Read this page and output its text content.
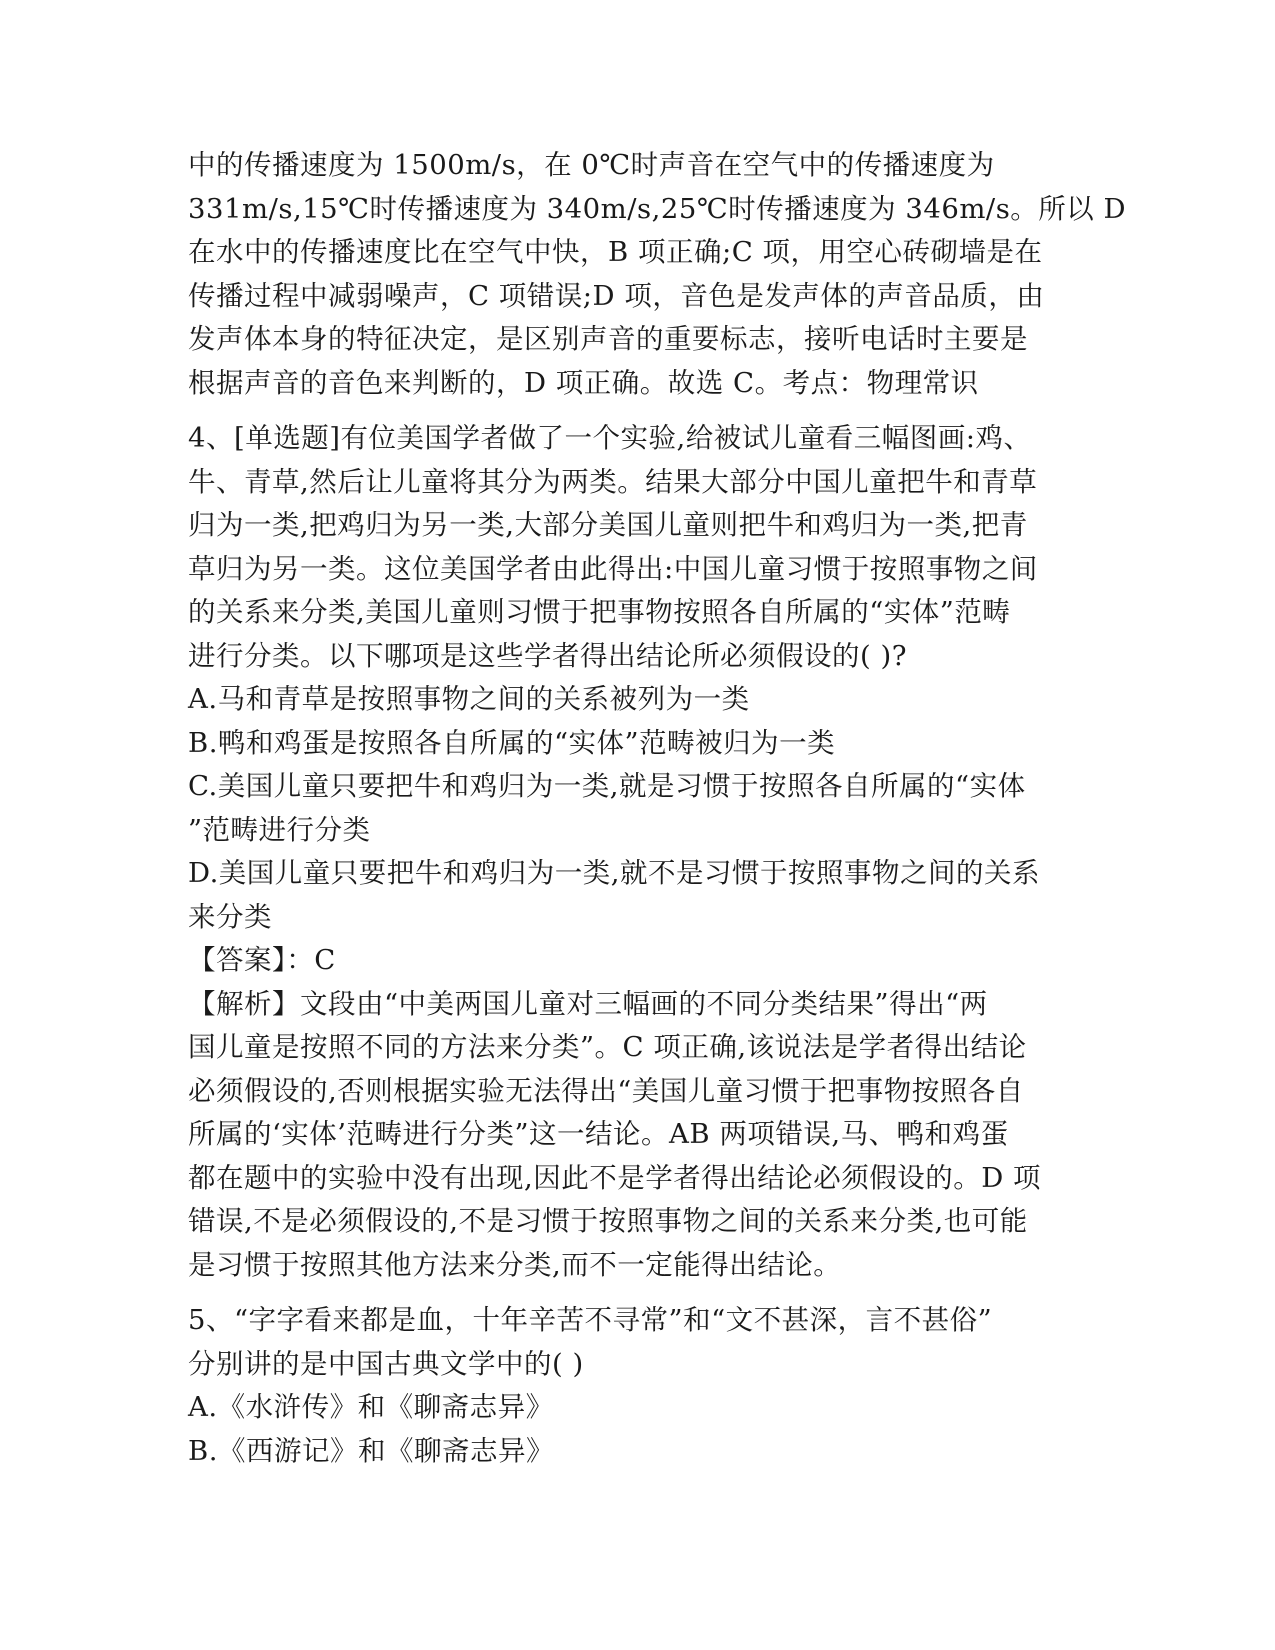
中的传播速度为 1500m/s，在 0℃时声音在空气中的传播速度为
331m/s,15℃时传播速度为 340m/s,25℃时传播速度为 346m/s。所以 D
在水中的传播速度比在空气中快，B 项正确;C 项，用空心砖砌墙是在
传播过程中减弱噪声，C 项错误;D 项，音色是发声体的声音品质，由
发声体本身的特征决定，是区别声音的重要标志，接听电话时主要是
根据声音的音色来判断的，D 项正确。故选 C。考点：物理常识
4、[单选题]有位美国学者做了一个实验,给被试儿童看三幅图画:鸡、
牛、青草,然后让儿童将其分为两类。结果大部分中国儿童把牛和青草
归为一类,把鸡归为另一类,大部分美国儿童则把牛和鸡归为一类,把青
草归为另一类。这位美国学者由此得出:中国儿童习惯于按照事物之间
的关系来分类,美国儿童则习惯于把事物按照各自所属的“实体”范畴
进行分类。以下哪项是这些学者得出结论所必须假设的( )?
A.马和青草是按照事物之间的关系被列为一类
B.鸭和鸡蛋是按照各自所属的“实体”范畴被归为一类
C.美国儿童只要把牛和鸡归为一类,就是习惯于按照各自所属的“实体
”范畴进行分类
D.美国儿童只要把牛和鸡归为一类,就不是习惯于按照事物之间的关系
来分类
【答案】：C
【解析】文段由“中美两国儿童对三幅画的不同分类结果”得出“两
国儿童是按照不同的方法来分类”。C 项正确,该说法是学者得出结论
必须假设的,否则根据实验无法得出“美国儿童习惯于把事物按照各自
所属的‘实体’范畴进行分类”这一结论。AB 两项错误,马、鸭和鸡蛋
都在题中的实验中没有出现,因此不是学者得出结论必须假设的。D 项
错误,不是必须假设的,不是习惯于按照事物之间的关系来分类,也可能
是习惯于按照其他方法来分类,而不一定能得出结论。
5、“字字看来都是血，十年辛苦不寻常”和“文不甚深，言不甚俗”
分别讲的是中国古典文学中的( )
A.《水浒传》和《聊斋志异》
B.《西游记》和《聊斋志异》
